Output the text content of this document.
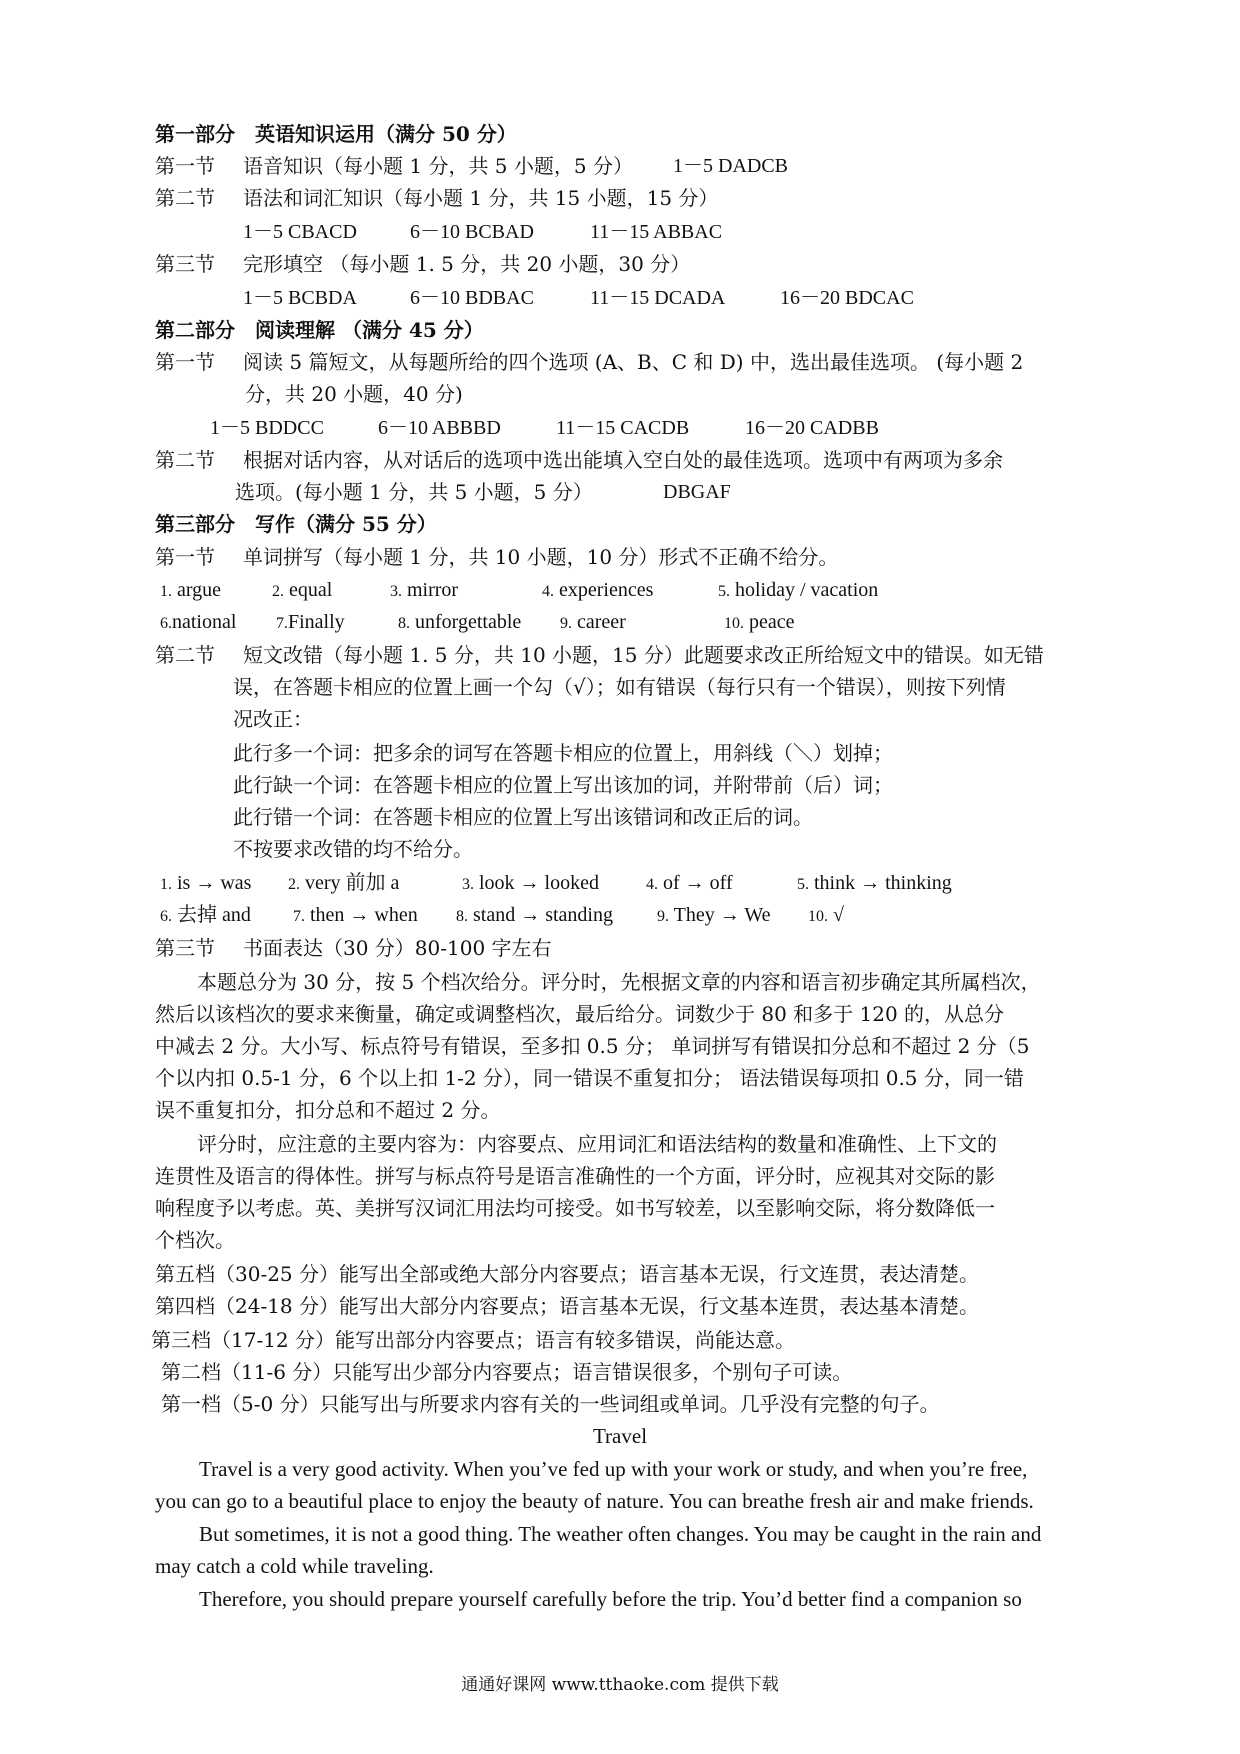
第一部分　英语知识运用（满分 50 分）
第一节 语音知识（每小题 1 分，共 5 小题，5 分） 1－5 DADCB
第二节 语法和词汇知识（每小题 1 分，共 15 小题，15 分）
1－5 CBACD	6－10 BCBAD	11－15 ABBAC
第三节 完形填空 （每小题 1. 5 分，共 20 小题，30 分）
1－5 BCBDA	6－10 BDBAC	11－15 DCADA	16－20 BDCAC
第二部分　阅读理解 （满分 45 分）
第一节 阅读 5 篇短文，从每题所给的四个选项 (A、B、C 和 D) 中，选出最佳选项。 (每小题 2
分，共 20 小题，40 分)
1－5 BDDCC	6－10 ABBBD	11－15 CACDB	16－20 CADBB
第二节 根据对话内容，从对话后的选项中选出能填入空白处的最佳选项。选项中有两项为多余
选项。(每小题 1 分，共 5 小题，5 分）	DBGAF
第三部分　写作（满分 55 分）
第一节 单词拼写（每小题 1 分，共 10 小题，10 分）形式不正确不给分。
1. argue	2. equal	3. mirror	4. experiences	5. holiday / vacation
6.national 7.Finally	8. unforgettable 9. career	10. peace
第二节 短文改错（每小题 1. 5 分，共 10 小题，15 分）此题要求改正所给短文中的错误。如无错
误，在答题卡相应的位置上画一个勾（√）；如有错误（每行只有一个错误），则按下列情
况改正：
此行多一个词：把多余的词写在答题卡相应的位置上，用斜线（＼）划掉；
此行缺一个词：在答题卡相应的位置上写出该加的词，并附带前（后）词；
此行错一个词：在答题卡相应的位置上写出该错词和改正后的词。
不按要求改错的均不给分。
1. is → was 2. very 前加 a	3. look → looked	4. of → off	5. think → thinking
6. 去掉 and	7. then → when 8. stand → standing	9. They → We 10. √
第三节 书面表达（30 分）80-100 字左右
本题总分为 30 分，按 5 个档次给分。评分时，先根据文章的内容和语言初步确定其所属档次，
然后以该档次的要求来衡量，确定或调整档次，最后给分。词数少于 80 和多于 120 的，从总分
中减去 2 分。大小写、标点符号有错误，至多扣 0.5 分； 单词拼写有错误扣分总和不超过 2 分（5
个以内扣 0.5-1 分，6 个以上扣 1-2 分），同一错误不重复扣分； 语法错误每项扣 0.5 分，同一错
误不重复扣分，扣分总和不超过 2 分。
评分时，应注意的主要内容为：内容要点、应用词汇和语法结构的数量和准确性、上下文的
连贯性及语言的得体性。拼写与标点符号是语言准确性的一个方面，评分时，应视其对交际的影
响程度予以考虑。英、美拼写汉词汇用法均可接受。如书写较差，以至影响交际，将分数降低一
个档次。
第五档（30-25 分）能写出全部或绝大部分内容要点；语言基本无误，行文连贯，表达清楚。
第四档（24-18 分）能写出大部分内容要点；语言基本无误，行文基本连贯，表达基本清楚。
第三档（17-12 分）能写出部分内容要点；语言有较多错误，尚能达意。
第二档（11-6 分）只能写出少部分内容要点；语言错误很多，个别句子可读。
第一档（5-0 分）只能写出与所要求内容有关的一些词组或单词。几乎没有完整的句子。
Travel
Travel is a very good activity. When you’ve fed up with your work or study, and when you’re free,
you can go to a beautiful place to enjoy the beauty of nature. You can breathe fresh air and make friends.
But sometimes, it is not a good thing. The weather often changes. You may be caught in the rain and
may catch a cold while traveling.
Therefore, you should prepare yourself carefully before the trip. You’d better find a companion so
通通好课网 www.tthaoke.com 提供下载
